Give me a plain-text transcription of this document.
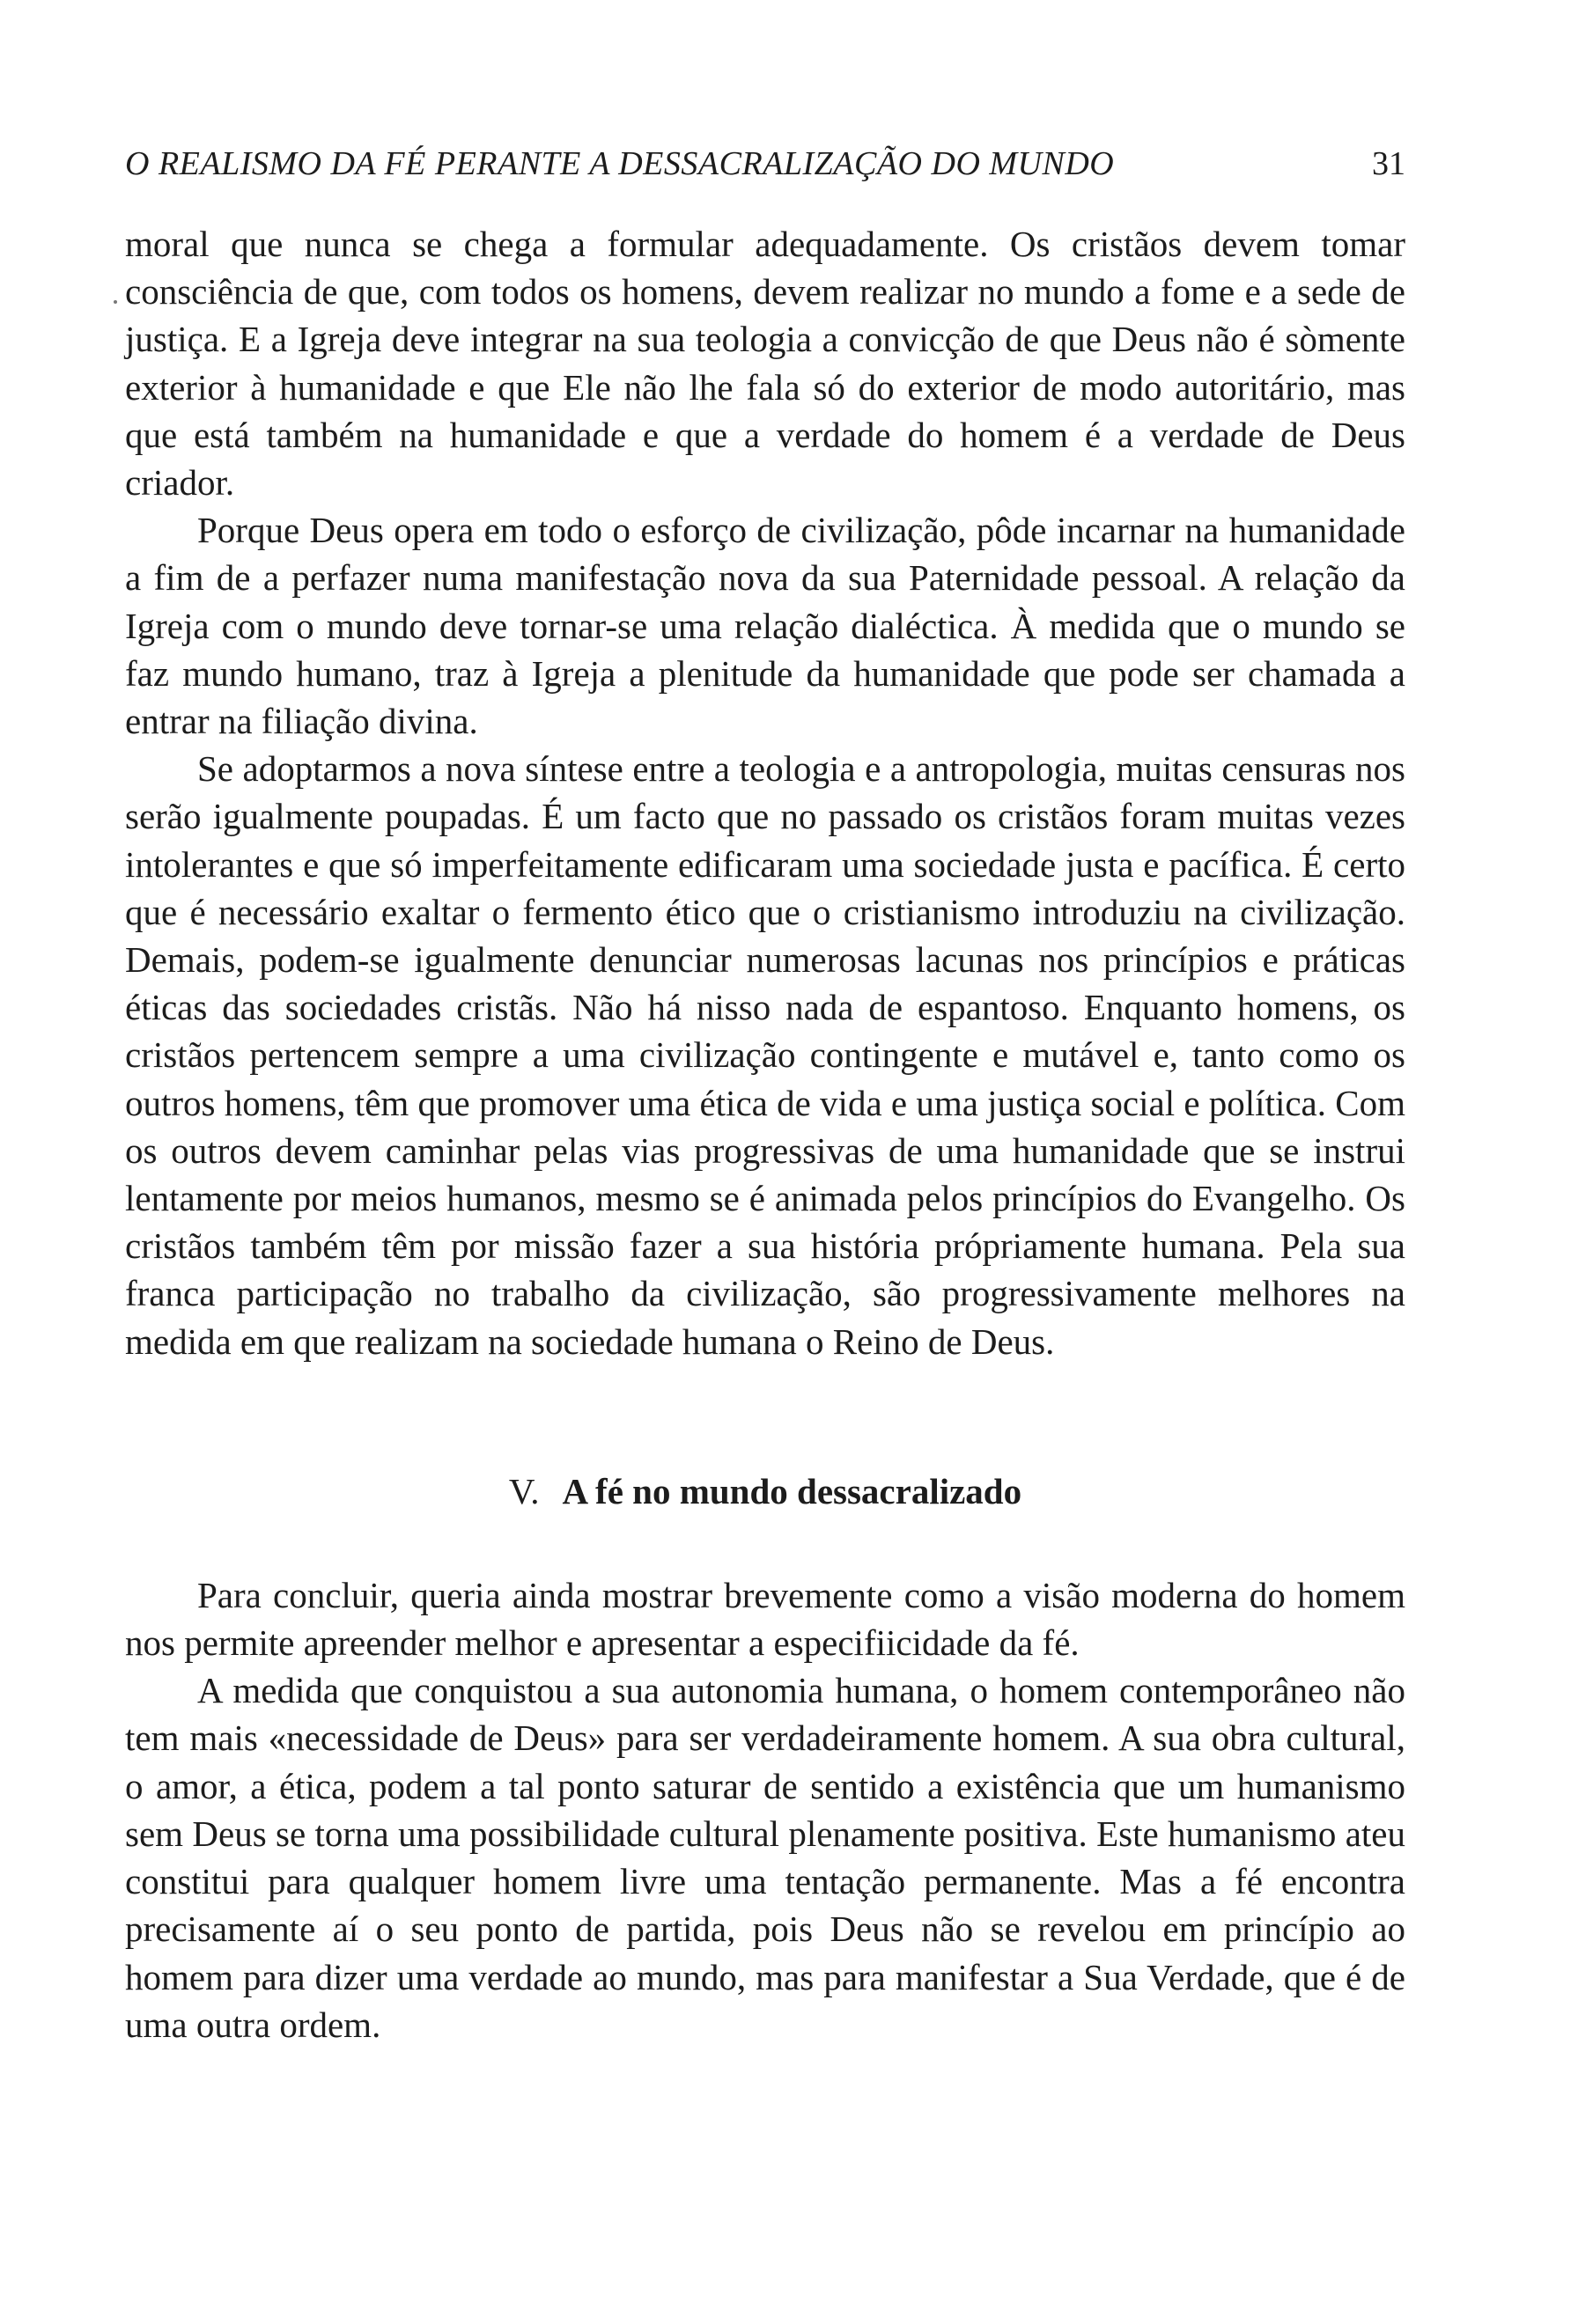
O REALISMO DA FÉ PERANTE A DESSACRALIZAÇÃO DO MUNDO	31

moral que nunca se chega a formular adequadamente. Os cristãos devem tomar consciência de que, com todos os homens, devem realizar no mundo a fome e a sede de justiça. E a Igreja deve integrar na sua teologia a convicção de que Deus não é sòmente exterior à humanidade e que Ele não lhe fala só do exterior de modo autoritário, mas que está também na humanidade e que a verdade do homem é a verdade de Deus criador.

Porque Deus opera em todo o esforço de civilização, pôde incarnar na humanidade a fim de a perfazer numa manifestação nova da sua Paternidade pessoal. A relação da Igreja com o mundo deve tornar-se uma relação dialéctica. À medida que o mundo se faz mundo humano, traz à Igreja a plenitude da humanidade que pode ser chamada a entrar na filiação divina.

Se adoptarmos a nova síntese entre a teologia e a antropologia, muitas censuras nos serão igualmente poupadas. É um facto que no passado os cristãos foram muitas vezes intolerantes e que só imperfeitamente edificaram uma sociedade justa e pacífica. É certo que é necessário exaltar o fermento ético que o cristianismo introduziu na civilização. Demais, podem-se igualmente denunciar numerosas lacunas nos princípios e práticas éticas das sociedades cristãs. Não há nisso nada de espantoso. Enquanto homens, os cristãos pertencem sempre a uma civilização contingente e mutável e, tanto como os outros homens, têm que promover uma ética de vida e uma justiça social e política. Com os outros devem caminhar pelas vias progressivas de uma humanidade que se instrui lentamente por meios humanos, mesmo se é animada pelos princípios do Evangelho. Os cristãos também têm por missão fazer a sua história própriamente humana. Pela sua franca participação no trabalho da civilização, são progressivamente melhores na medida em que realizam na sociedade humana o Reino de Deus.

V. A fé no mundo dessacralizado

Para concluir, queria ainda mostrar brevemente como a visão moderna do homem nos permite apreender melhor e apresentar a especifiicidade da fé.

A medida que conquistou a sua autonomia humana, o homem contemporâneo não tem mais «necessidade de Deus» para ser verdadeiramente homem. A sua obra cultural, o amor, a ética, podem a tal ponto saturar de sentido a existência que um humanismo sem Deus se torna uma possibilidade cultural plenamente positiva. Este humanismo ateu constitui para qualquer homem livre uma tentação permanente. Mas a fé encontra precisamente aí o seu ponto de partida, pois Deus não se revelou em princípio ao homem para dizer uma verdade ao mundo, mas para manifestar a Sua Verdade, que é de uma outra ordem.
